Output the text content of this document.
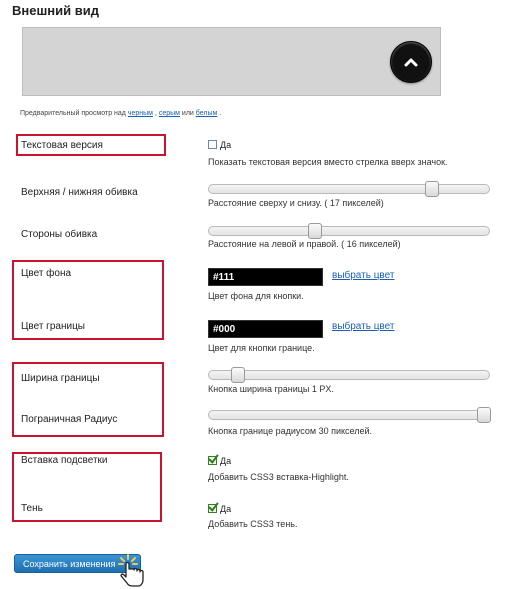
Внешний вид
Предварительный просмотр над черным , серым или белым .
Текстовая версия	Да
Показать текстовая версия вместо стрелка вверх значок.
Верхняя / нижняя обивка
Расстояние сверху и снизу. ( 17 пикселей)
Стороны обивка
Расстояние на левой и правой. ( 16 пикселей)
Цвет фона	#111	выбрать цвет
Цвет фона для кнопки.
Цвет границы	#000	выбрать цвет
Цвет для кнопки границе.
Ширина границы
Кнопка ширина границы 1 PX.
Пограничная Радиус
Кнопка границе радиусом 30 пикселей.
Вставка подсветки	Да
Добавить CSS3 вставка-Highlight.
Тень	Да
Добавить CSS3 тень.
Сохранить изменения
